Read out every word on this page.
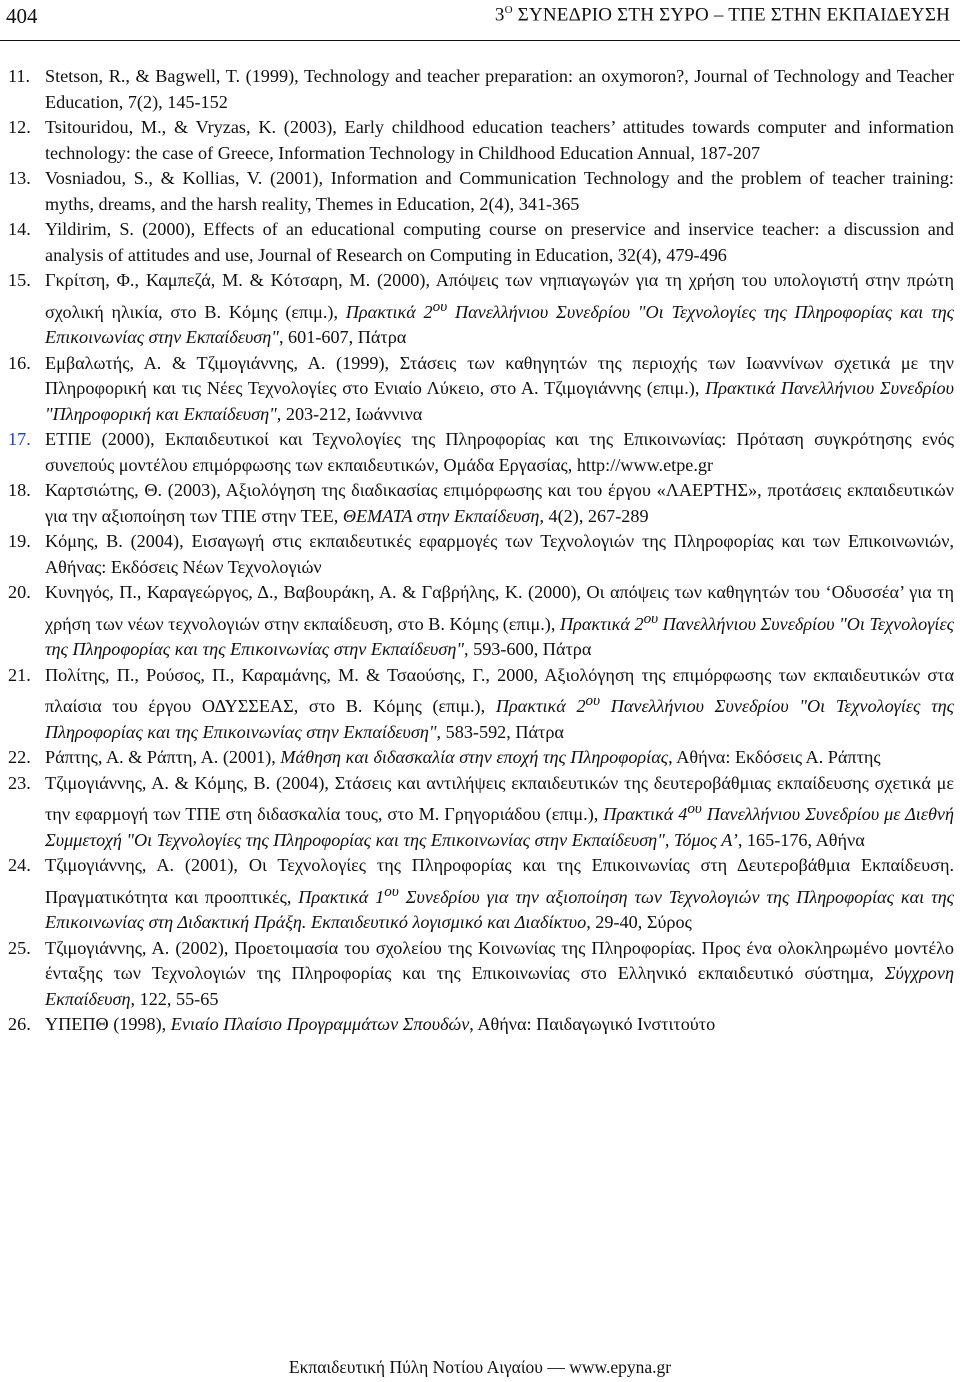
404	$3^O$ ΣΥΝΕΔΡΙΟ ΣΤΗ ΣΥΡΟ – ΤΠΕ ΣΤΗΝ ΕΚΠΑΙΔΕΥΣΗ
11. Stetson, R., & Bagwell, T. (1999), Technology and teacher preparation: an oxymoron?, Journal of Technology and Teacher Education, 7(2), 145-152
12. Tsitouridou, M., & Vryzas, K. (2003), Early childhood education teachers’ attitudes towards computer and information technology: the case of Greece, Information Technology in Childhood Education Annual, 187-207
13. Vosniadou, S., & Kollias, V. (2001), Information and Communication Technology and the problem of teacher training: myths, dreams, and the harsh reality, Themes in Education, 2(4), 341-365
14. Yildirim, S. (2000), Effects of an educational computing course on preservice and inservice teacher: a discussion and analysis of attitudes and use, Journal of Research on Computing in Education, 32(4), 479-496
15. Γκρίτση, Φ., Καμπεζά, Μ. & Κότσαρη, Μ. (2000), Απόψεις των νηπιαγωγών για τη χρήση του υπολογιστή στην πρώτη σχολική ηλικία, στο Β. Κόμης (επιμ.), Πρακτικά $2^{o\upsilon}$ Πανελλήνιου Συνεδρίου "Οι Τεχνολογίες της Πληροφορίας και της Επικοινωνίας στην Εκπαίδευση", 601-607, Πάτρα
16. Εμβαλωτής, Α. & Τζιμογιάννης, Α. (1999), Στάσεις των καθηγητών της περιοχής των Ιωαννίνων σχετικά με την Πληροφορική και τις Νέες Τεχνολογίες στο Ενιαίο Λύκειο, στο Α. Τζιμογιάννης (επιμ.), Πρακτικά Πανελλήνιου Συνεδρίου "Πληροφορική και Εκπαίδευση", 203-212, Ιωάννινα
17. ΕΤΠΕ (2000), Εκπαιδευτικοί και Τεχνολογίες της Πληροφορίας και της Επικοινωνίας: Πρόταση συγκρότησης ενός συνεπούς μοντέλου επιμόρφωσης των εκπαιδευτικών, Ομάδα Εργασίας, http://www.etpe.gr
18. Καρτσιώτης, Θ. (2003), Αξιολόγηση της διαδικασίας επιμόρφωσης και του έργου «ΛΑΕΡΤΗΣ», προτάσεις εκπαιδευτικών για την αξιοποίηση των ΤΠΕ στην ΤΕΕ, ΘΕΜΑΤΑ στην Εκπαίδευση, 4(2), 267-289
19. Κόμης, Β. (2004), Εισαγωγή στις εκπαιδευτικές εφαρμογές των Τεχνολογιών της Πληροφορίας και των Επικοινωνιών, Αθήνας: Εκδόσεις Νέων Τεχνολογιών
20. Κυνηγός, Π., Καραγεώργος, Δ., Βαβουράκη, Α. & Γαβρήλης, Κ. (2000), Οι απόψεις των καθηγητών του ‘Οδυσσέα’ για τη χρήση των νέων τεχνολογιών στην εκπαίδευση, στο Β. Κόμης (επιμ.), Πρακτικά $2^{o\upsilon}$ Πανελλήνιου Συνεδρίου "Οι Τεχνολογίες της Πληροφορίας και της Επικοινωνίας στην Εκπαίδευση", 593-600, Πάτρα
21. Πολίτης, Π., Ρούσος, Π., Καραμάνης, Μ. & Τσαούσης, Γ., 2000, Αξιολόγηση της επιμόρφωσης των εκπαιδευτικών στα πλαίσια του έργου ΟΔΥΣΣΕΑΣ, στο Β. Κόμης (επιμ.), Πρακτικά $2^{o\upsilon}$ Πανελλήνιου Συνεδρίου "Οι Τεχνολογίες της Πληροφορίας και της Επικοινωνίας στην Εκπαίδευση", 583-592, Πάτρα
22. Ράπτης, Α. & Ράπτη, Α. (2001), Μάθηση και διδασκαλία στην εποχή της Πληροφορίας, Αθήνα: Εκδόσεις Α. Ράπτης
23. Τζιμογιάννης, Α. & Κόμης, Β. (2004), Στάσεις και αντιλήψεις εκπαιδευτικών της δευτεροβάθμιας εκπαίδευσης σχετικά με την εφαρμογή των ΤΠΕ στη διδασκαλία τους, στο Μ. Γρηγοριάδου (επιμ.), Πρακτικά $4^{o\upsilon}$ Πανελλήνιου Συνεδρίου με Διεθνή Συμμετοχή "Οι Τεχνολογίες της Πληροφορίας και της Επικοινωνίας στην Εκπαίδευση", Τόμος Α’, 165-176, Αθήνα
24. Τζιμογιάννης, Α. (2001), Οι Τεχνολογίες της Πληροφορίας και της Επικοινωνίας στη Δευτεροβάθμια Εκπαίδευση. Πραγματικότητα και προοπτικές, Πρακτικά $1^{o\upsilon}$ Συνεδρίου για την αξιοποίηση των Τεχνολογιών της Πληροφορίας και της Επικοινωνίας στη Διδακτική Πράξη. Εκπαιδευτικό λογισμικό και Διαδίκτυο, 29-40, Σύρος
25. Τζιμογιάννης, Α. (2002), Προετοιμασία του σχολείου της Κοινωνίας της Πληροφορίας. Προς ένα ολοκληρωμένο μοντέλο ένταξης των Τεχνολογιών της Πληροφορίας και της Επικοινωνίας στο Ελληνικό εκπαιδευτικό σύστημα, Σύγχρονη Εκπαίδευση, 122, 55-65
26. ΥΠΕΠΘ (1998), Ενιαίο Πλαίσιο Προγραμμάτων Σπουδών, Αθήνα: Παιδαγωγικό Ινστιτούτο
Εκπαιδευτική Πύλη Νοτίου Αιγαίου — www.epyna.gr
